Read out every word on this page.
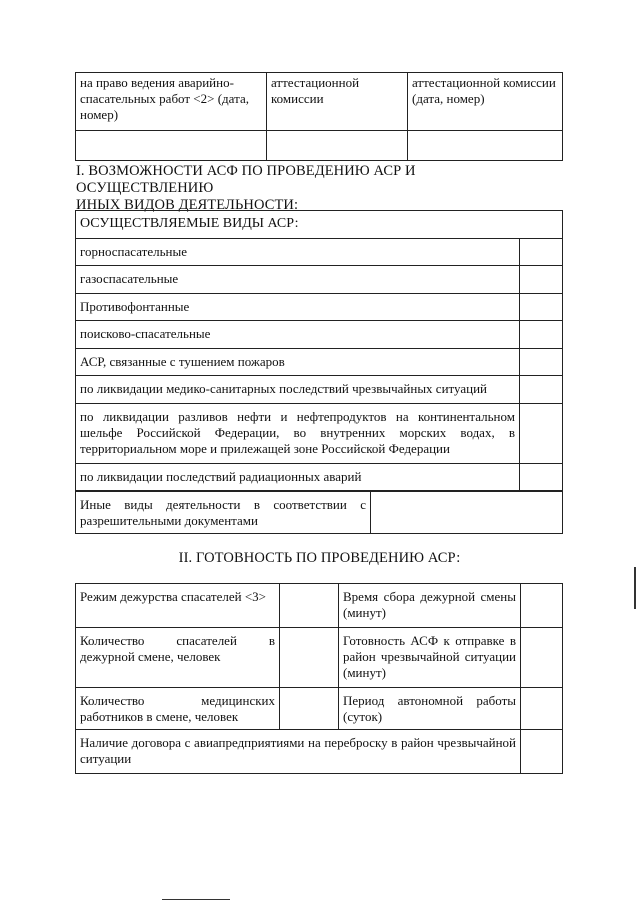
на право ведения аварийно-спасательных работ <2> (дата, номер)	аттестационной комиссии	аттестационной комиссии (дата, номер)

I. ВОЗМОЖНОСТИ АСФ ПО ПРОВЕДЕНИЮ АСР И ОСУЩЕСТВЛЕНИЮ
ИНЫХ ВИДОВ ДЕЯТЕЛЬНОСТИ:
ОСУЩЕСТВЛЯЕМЫЕ ВИДЫ АСР:	
горноспасательные	
газоспасательные	
Противофонтанные	
поисково-спасательные	
АСР, связанные с тушением пожаров	
по ликвидации медико-санитарных последствий чрезвычайных ситуаций	
по ликвидации разливов нефти и нефтепродуктов на континентальном шельфе Российской Федерации, во внутренних морских водах, в территориальном море и прилежащей зоне Российской Федерации	
по ликвидации последствий радиационных аварий	
Иные виды деятельности в соответствии с разрешительными документами	
II. ГОТОВНОСТЬ ПО ПРОВЕДЕНИЮ АСР:
Режим дежурства спасателей <3>		Время сбора дежурной смены (минут)	
Количество спасателей в дежурной смене, человек		Готовность АСФ к отправке в район чрезвычайной ситуации (минут)	
Количество медицинских работников в смене, человек		Период автономной работы (суток)	
Наличие договора с авиапредприятиями на переброску в район чрезвычайной ситуации			
